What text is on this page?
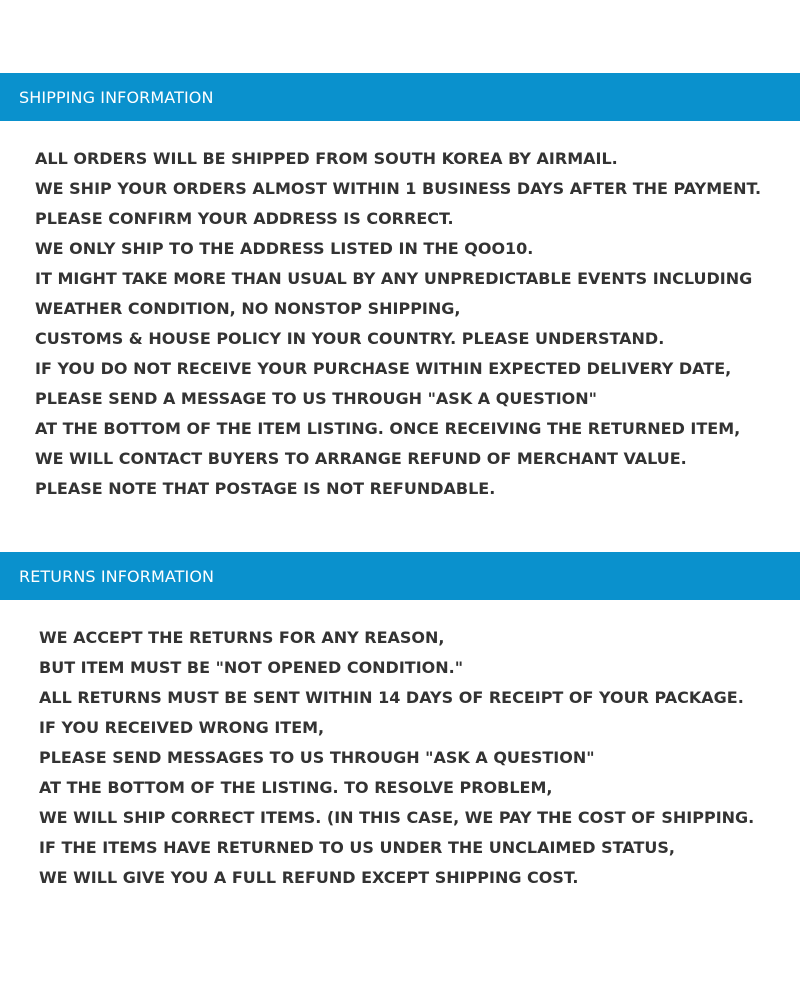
SHIPPING INFORMATION
ALL ORDERS WILL BE SHIPPED FROM SOUTH KOREA BY AIRMAIL.
WE SHIP YOUR ORDERS ALMOST WITHIN 1 BUSINESS DAYS AFTER THE PAYMENT.
PLEASE CONFIRM YOUR ADDRESS IS CORRECT.
WE ONLY SHIP TO THE ADDRESS LISTED IN THE QOO10.
IT MIGHT TAKE MORE THAN USUAL BY ANY UNPREDICTABLE EVENTS INCLUDING
WEATHER CONDITION, NO NONSTOP SHIPPING,
CUSTOMS & HOUSE POLICY IN YOUR COUNTRY. PLEASE UNDERSTAND.
IF YOU DO NOT RECEIVE YOUR PURCHASE WITHIN EXPECTED DELIVERY DATE,
PLEASE SEND A MESSAGE TO US THROUGH "ASK A QUESTION"
AT THE BOTTOM OF THE ITEM LISTING. ONCE RECEIVING THE RETURNED ITEM,
WE WILL CONTACT BUYERS TO ARRANGE REFUND OF MERCHANT VALUE.
PLEASE NOTE THAT POSTAGE IS NOT REFUNDABLE.
RETURNS INFORMATION
WE ACCEPT THE RETURNS FOR ANY REASON,
BUT ITEM MUST BE "NOT OPENED CONDITION."
ALL RETURNS MUST BE SENT WITHIN 14 DAYS OF RECEIPT OF YOUR PACKAGE.
IF YOU RECEIVED WRONG ITEM,
PLEASE SEND MESSAGES TO US THROUGH "ASK A QUESTION"
AT THE BOTTOM OF THE LISTING. TO RESOLVE PROBLEM,
WE WILL SHIP CORRECT ITEMS. (IN THIS CASE, WE PAY THE COST OF SHIPPING.
IF THE ITEMS HAVE RETURNED TO US UNDER THE UNCLAIMED STATUS,
WE WILL GIVE YOU A FULL REFUND EXCEPT SHIPPING COST.
